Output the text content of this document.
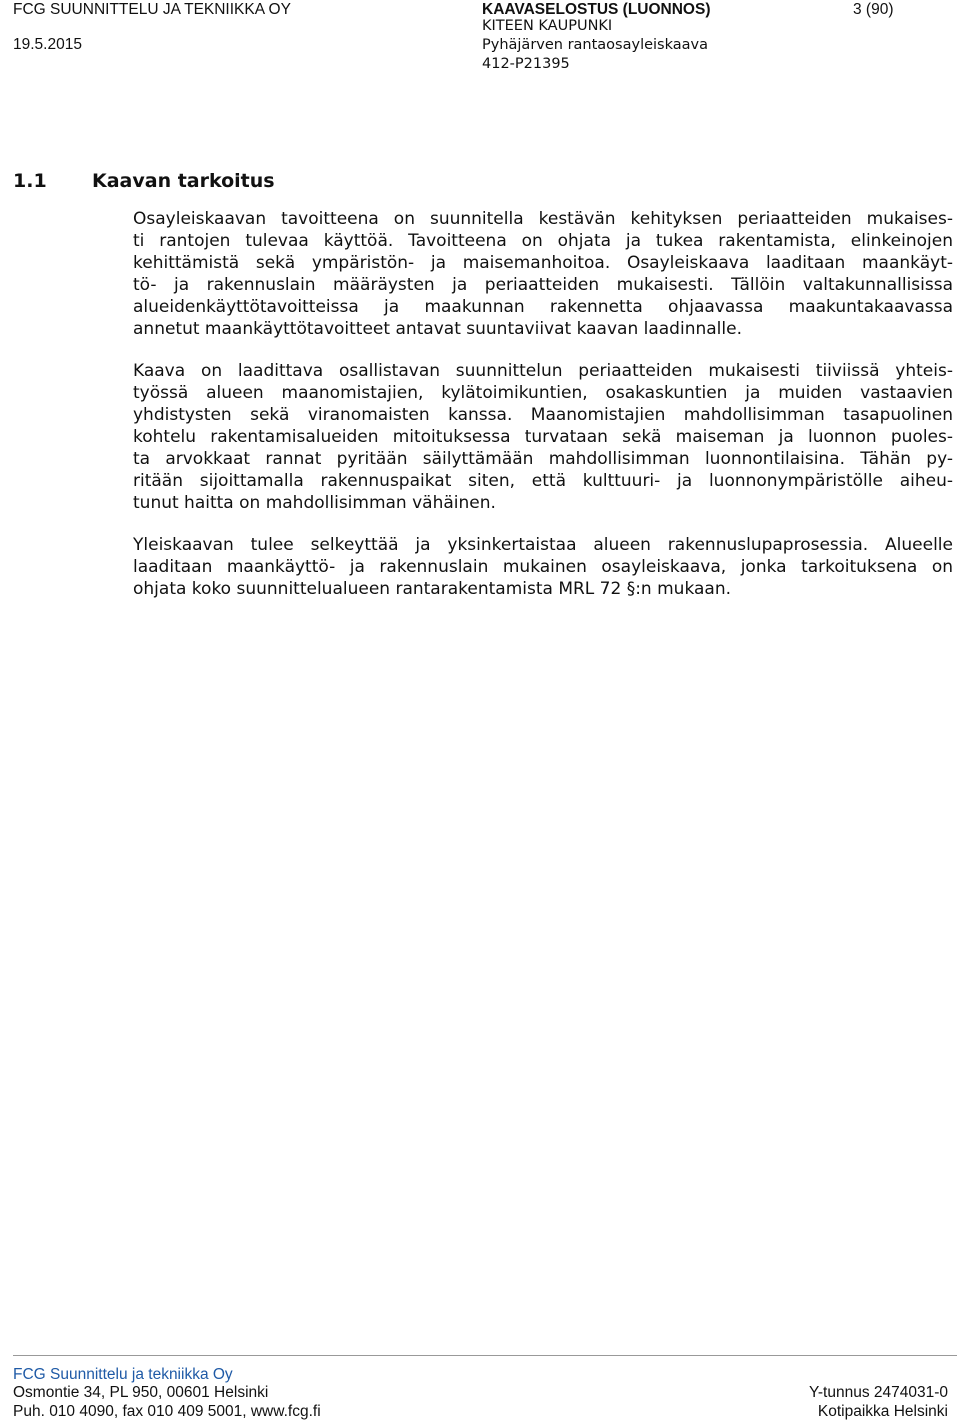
FCG SUUNNITTELU JA TEKNIIKKA OY
19.5.2015
KAAVASELOSTUS (LUONNOS)
KITEEN KAUPUNKI
Pyhäjärven rantaosayleiskaava
412-P21395
3 (90)
1.1 Kaavan tarkoitus
Osayleiskaavan tavoitteena on suunnitella kestävän kehityksen periaatteiden mukaises-
ti rantojen tulevaa käyttöä. Tavoitteena on ohjata ja tukea rakentamista, elinkeinojen
kehittämistä sekä ympäristön- ja maisemanhoitoa. Osayleiskaava laaditaan maankäyt-
tö- ja rakennuslain määräysten ja periaatteiden mukaisesti. Tällöin valtakunnallisissa
alueidenkäyttötavoitteissa ja maakunnan rakennetta ohjaavassa maakuntakaavassa
annetut maankäyttötavoitteet antavat suuntaviivat kaavan laadinnalle.
Kaava on laadittava osallistavan suunnittelun periaatteiden mukaisesti tiiviissä yhteis-
työssä alueen maanomistajien, kylätoimikuntien, osakaskuntien ja muiden vastaavien
yhdistysten sekä viranomaisten kanssa. Maanomistajien mahdollisimman tasapuolinen
kohtelu rakentamisalueiden mitoituksessa turvataan sekä maiseman ja luonnon puoles-
ta arvokkaat rannat pyritään säilyttämään mahdollisimman luonnontilaisina. Tähän py-
ritään sijoittamalla rakennuspaikat siten, että kulttuuri- ja luonnonympäristölle aiheu-
tunut haitta on mahdollisimman vähäinen.
Yleiskaavan tulee selkeyttää ja yksinkertaistaa alueen rakennuslupaprosessia. Alueelle
laaditaan maankäyttö- ja rakennuslain mukainen osayleiskaava, jonka tarkoituksena on
ohjata koko suunnittelualueen rantarakentamista MRL 72 §:n mukaan.
FCG Suunnittelu ja tekniikka Oy
Osmontie 34, PL 950, 00601 Helsinki
Puh. 010 4090, fax 010 409 5001, www.fcg.fi
Y-tunnus 2474031-0
Kotipaikka Helsinki
